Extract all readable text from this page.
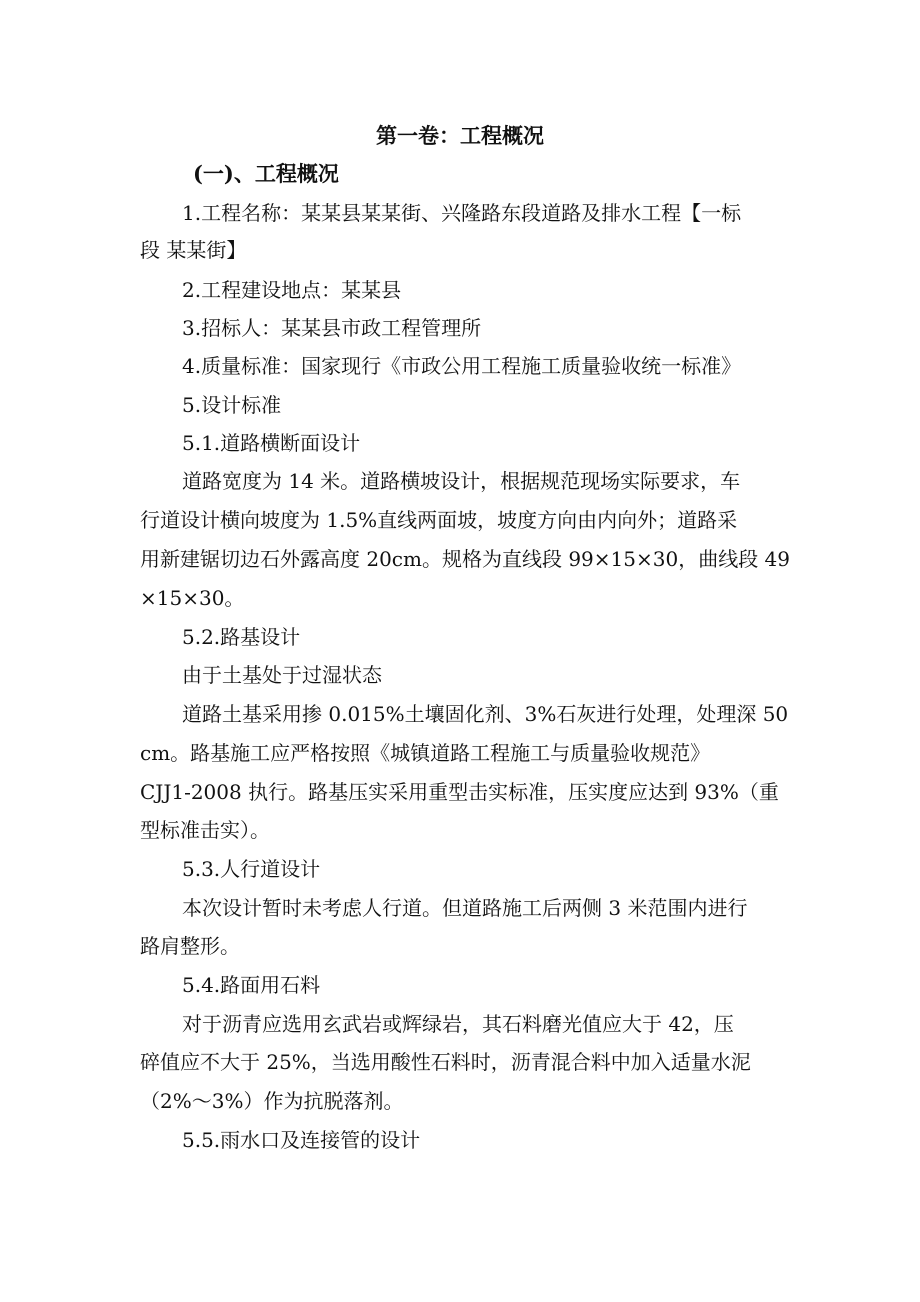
第一卷：工程概况
(一)、工程概况
1.工程名称：某某县某某街、兴隆路东段道路及排水工程【一标
段 某某街】
2.工程建设地点：某某县
3.招标人：某某县市政工程管理所
4.质量标准：国家现行《市政公用工程施工质量验收统一标准》
5.设计标准
5.1.道路横断面设计
道路宽度为 14 米。道路横坡设计，根据规范现场实际要求，车
行道设计横向坡度为 1.5%直线两面坡，坡度方向由内向外；道路采
用新建锯切边石外露高度 20cm。规格为直线段 99×15×30，曲线段 49
×15×30。
5.2.路基设计
由于土基处于过湿状态
道路土基采用掺 0.015%土壤固化剂、3%石灰进行处理，处理深 50
cm。路基施工应严格按照《城镇道路工程施工与质量验收规范》
CJJ1-2008 执行。路基压实采用重型击实标准，压实度应达到 93%（重
型标准击实）。
5.3.人行道设计
本次设计暂时未考虑人行道。但道路施工后两侧 3 米范围内进行
路肩整形。
5.4.路面用石料
对于沥青应选用玄武岩或辉绿岩，其石料磨光值应大于 42，压
碎值应不大于 25%，当选用酸性石料时，沥青混合料中加入适量水泥
（2%～3%）作为抗脱落剂。
5.5.雨水口及连接管的设计
